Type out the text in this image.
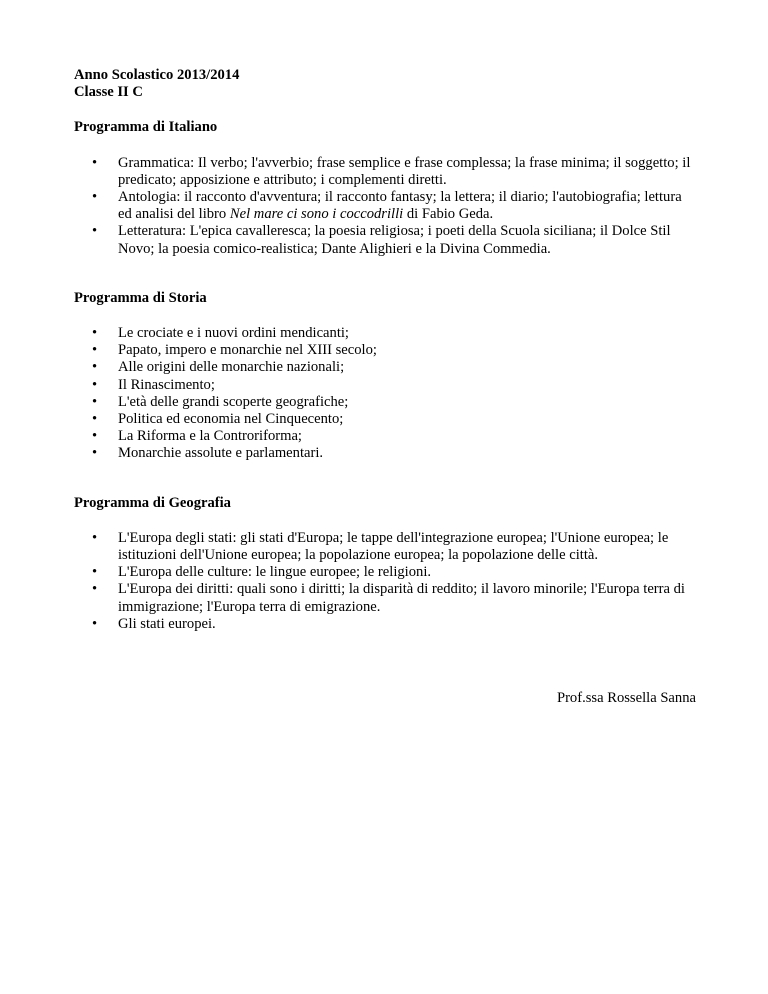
Anno Scolastico 2013/2014

Classe II C

Programma di Italiano

• Grammatica: Il verbo; l'avverbio; frase semplice e frase complessa; la frase minima; il soggetto; il predicato; apposizione e attributo; i complementi diretti.
• Antologia: il racconto d'avventura; il racconto fantasy; la lettera; il diario; l'autobiografia; lettura ed analisi del libro Nel mare ci sono i coccodrilli di Fabio Geda.
• Letteratura: L'epica cavalleresca; la poesia religiosa; i poeti della Scuola siciliana; il Dolce Stil Novo; la poesia comico-realistica; Dante Alighieri e la Divina Commedia.

Programma di Storia

• Le crociate e i nuovi ordini mendicanti;
• Papato, impero e monarchie nel XIII secolo;
• Alle origini delle monarchie nazionali;
• Il Rinascimento;
• L'età delle grandi scoperte geografiche;
• Politica ed economia nel Cinquecento;
• La Riforma e la Controriforma;
• Monarchie assolute e parlamentari.

Programma di Geografia

• L'Europa degli stati: gli stati d'Europa; le tappe dell'integrazione europea; l'Unione europea; le istituzioni dell'Unione europea; la popolazione europea; la popolazione delle città.
• L'Europa delle culture: le lingue europee; le religioni.
• L'Europa dei diritti: quali sono i diritti; la disparità di reddito; il lavoro minorile; l'Europa terra di immigrazione; l'Europa terra di emigrazione.
• Gli stati europei.

Prof.ssa Rossella Sanna
